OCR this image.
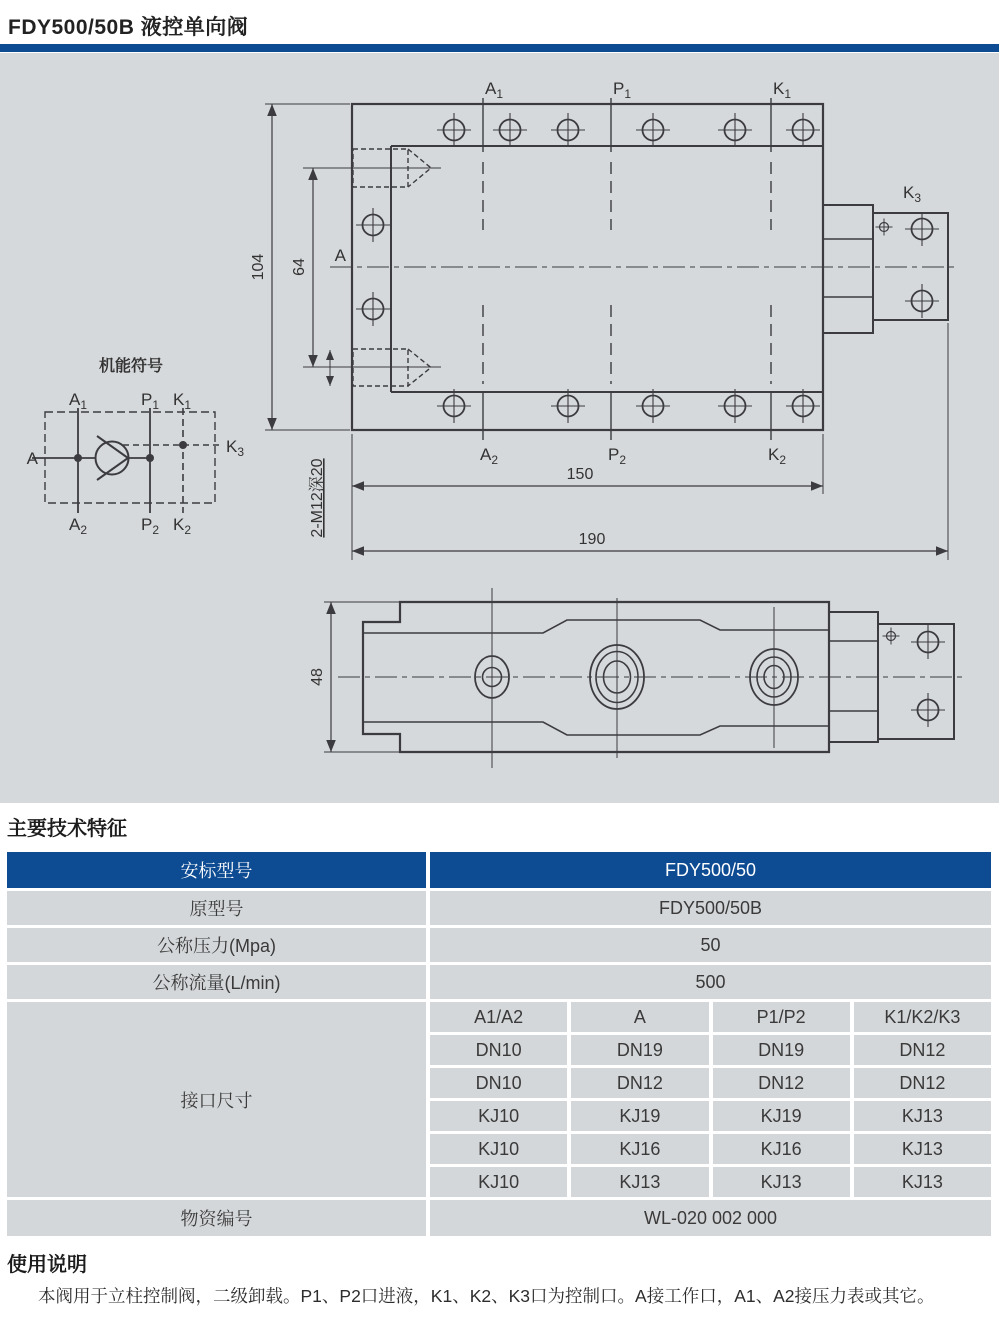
FDY500/50B 液控单向阀
$A_1$	$P_1$	$K_1$
$A_2$	$P_2$	$K_2$
$K_3$
A
104 64
2-M12深20	150
190
48
机能符号
$A_1$	$P_1$ $K_1$
$A_2$	$P_2$ $K_2$
$K_3$
A
主要技术特征
安标型号	FDY500/50
原型号	FDY500/50B
公称压力(Mpa)	50
公称流量(L/min)	500
接口尺寸
A1/A2	A	P1/P2	K1/K2/K3
DN10	DN19	DN19	DN12
DN10	DN12	DN12	DN12
KJ10	KJ19	KJ19	KJ13
KJ10	KJ16	KJ16	KJ13
KJ10	KJ13	KJ13	KJ13
物资编号	WL-020 002 000
使用说明
本阀用于立柱控制阀，二级卸载。P1、P2口进液，K1、K2、K3口为控制口。A接工作口，A1、A2接压力表或其它。
